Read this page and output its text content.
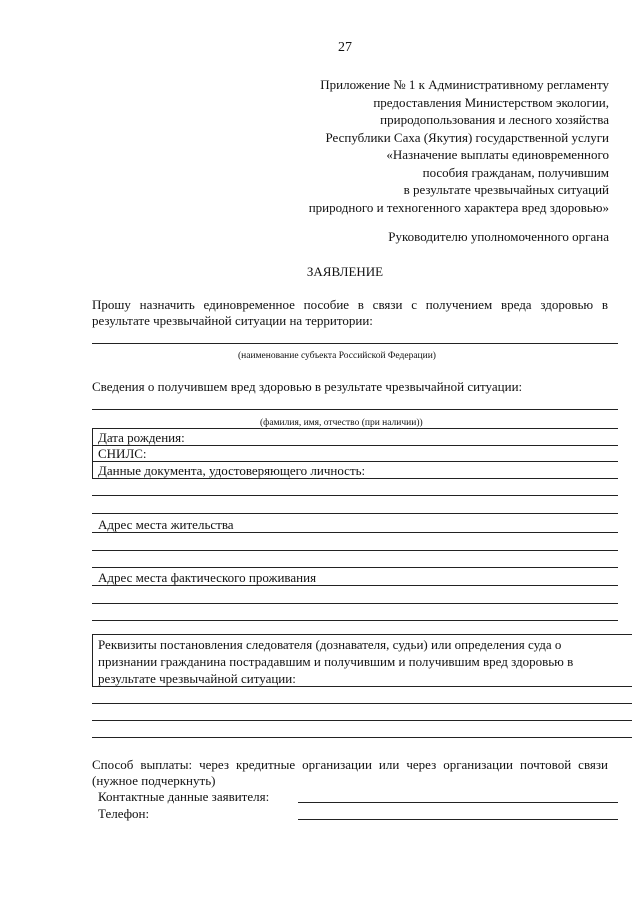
27
Приложение № 1 к Административному регламенту
предоставления Министерством экологии,
природопользования и лесного хозяйства
Республики Саха (Якутия) государственной услуги
«Назначение выплаты единовременного
пособия гражданам, получившим
в результате чрезвычайных ситуаций
природного и техногенного характера вред здоровью»
Руководителю уполномоченного органа
ЗАЯВЛЕНИЕ
Прошу назначить единовременное пособие в связи с получением вреда здоровью в
результате чрезвычайной ситуации на территории:
(наименование субъекта Российской Федерации)
Сведения о получившем вред здоровью в результате чрезвычайной ситуации:
(фамилия, имя, отчество (при наличии))
Дата рождения:
СНИЛС:
Данные документа, удостоверяющего личность:
Адрес места жительства
Адрес места фактического проживания
Реквизиты постановления следователя (дознавателя, судьи) или определения суда о
признании гражданина пострадавшим и получившим и получившим вред здоровью в
результате чрезвычайной ситуации:
Способ выплаты: через кредитные организации или через организации почтовой связи
(нужное подчеркнуть)
Контактные данные заявителя:
Телефон:
